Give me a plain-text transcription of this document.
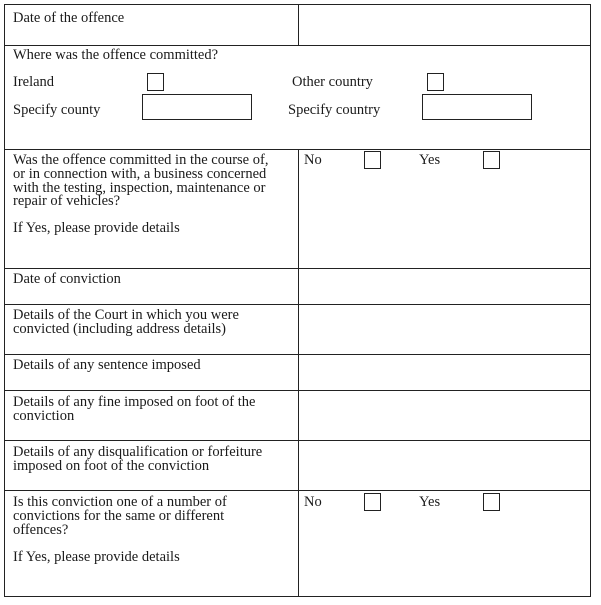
Date of the offence
Where was the offence committed?
Ireland	Other country
Specify county	Specify country
Was the offence committed in the course of,
or in connection with, a business concerned
with the testing, inspection, maintenance or
repair of vehicles?
If Yes, please provide details
No	Yes
Date of conviction
Details of the Court in which you were
convicted (including address details)
Details of any sentence imposed
Details of any fine imposed on foot of the
conviction
Details of any disqualification or forfeiture
imposed on foot of the conviction
Is this conviction one of a number of
convictions for the same or different
offences?
If Yes, please provide details
No	Yes
